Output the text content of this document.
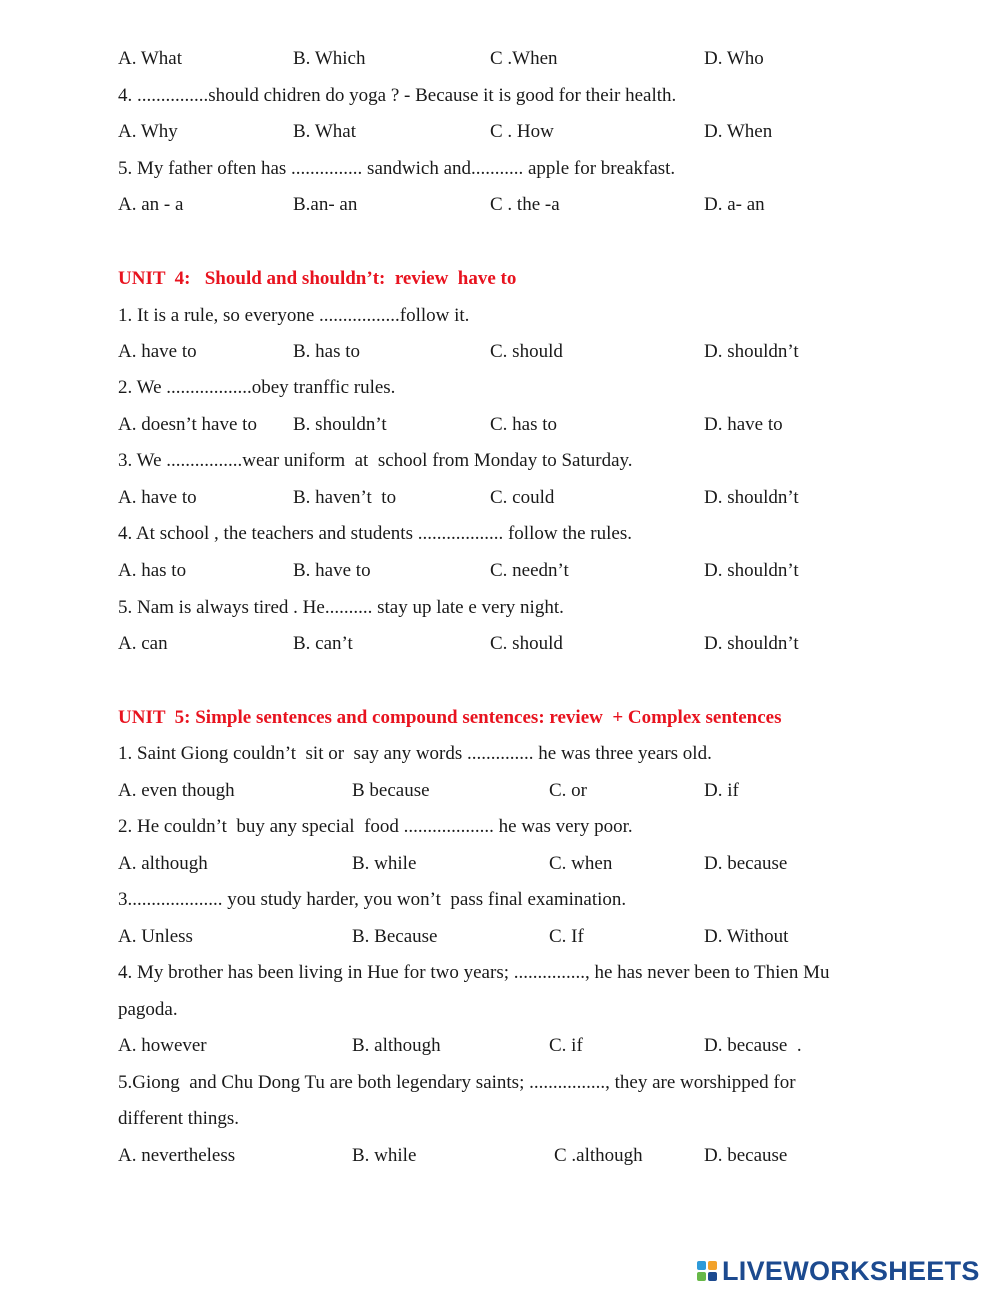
A. What	B. Which	C .When	D. Who
4. ...............should chidren do yoga ? - Because it is good for their health.
A. Why	B. What	C . How	D. When
5. My father often has ............... sandwich and........... apple for breakfast.
A. an - a	B.an- an	C . the -a	D. a- an
UNIT  4:   Should and shouldn’t:  review  have to
1. It is a rule, so everyone .................follow it.
A. have to	B. has to	C. should	D. shouldn’t
2. We ..................obey tranffic rules.
A. doesn’t have to B. shouldn’t	C. has to	D. have to
3. We ................wear uniform  at  school from Monday to Saturday.
A. have to	B. haven’t  to	C. could	D. shouldn’t
4. At school , the teachers and students .................. follow the rules.
A. has to	B. have to	C. needn’t	D. shouldn’t
5. Nam is always tired . He.......... stay up late e very night.
A. can	B. can’t	C. should	D. shouldn’t
UNIT  5: Simple sentences and compound sentences: review  + Complex sentences
1. Saint Giong couldn’t  sit or  say any words .............. he was three years old.
A. even though	B because	C. or	D. if
2. He couldn’t  buy any special  food ................... he was very poor.
A. although	B. while	C. when	D. because
3.................... you study harder, you won’t  pass final examination.
A. Unless	B. Because	C. If	D. Without
4. My brother has been living in Hue for two years; ..............., he has never been to Thien Mu
pagoda.
A. however	B. although	C. if	D. because  .
5.Giong  and Chu Dong Tu are both legendary saints; ................, they are worshipped for
different things.
A. nevertheless	B. while	C .although	D. because
LIVEWORKSHEETS
